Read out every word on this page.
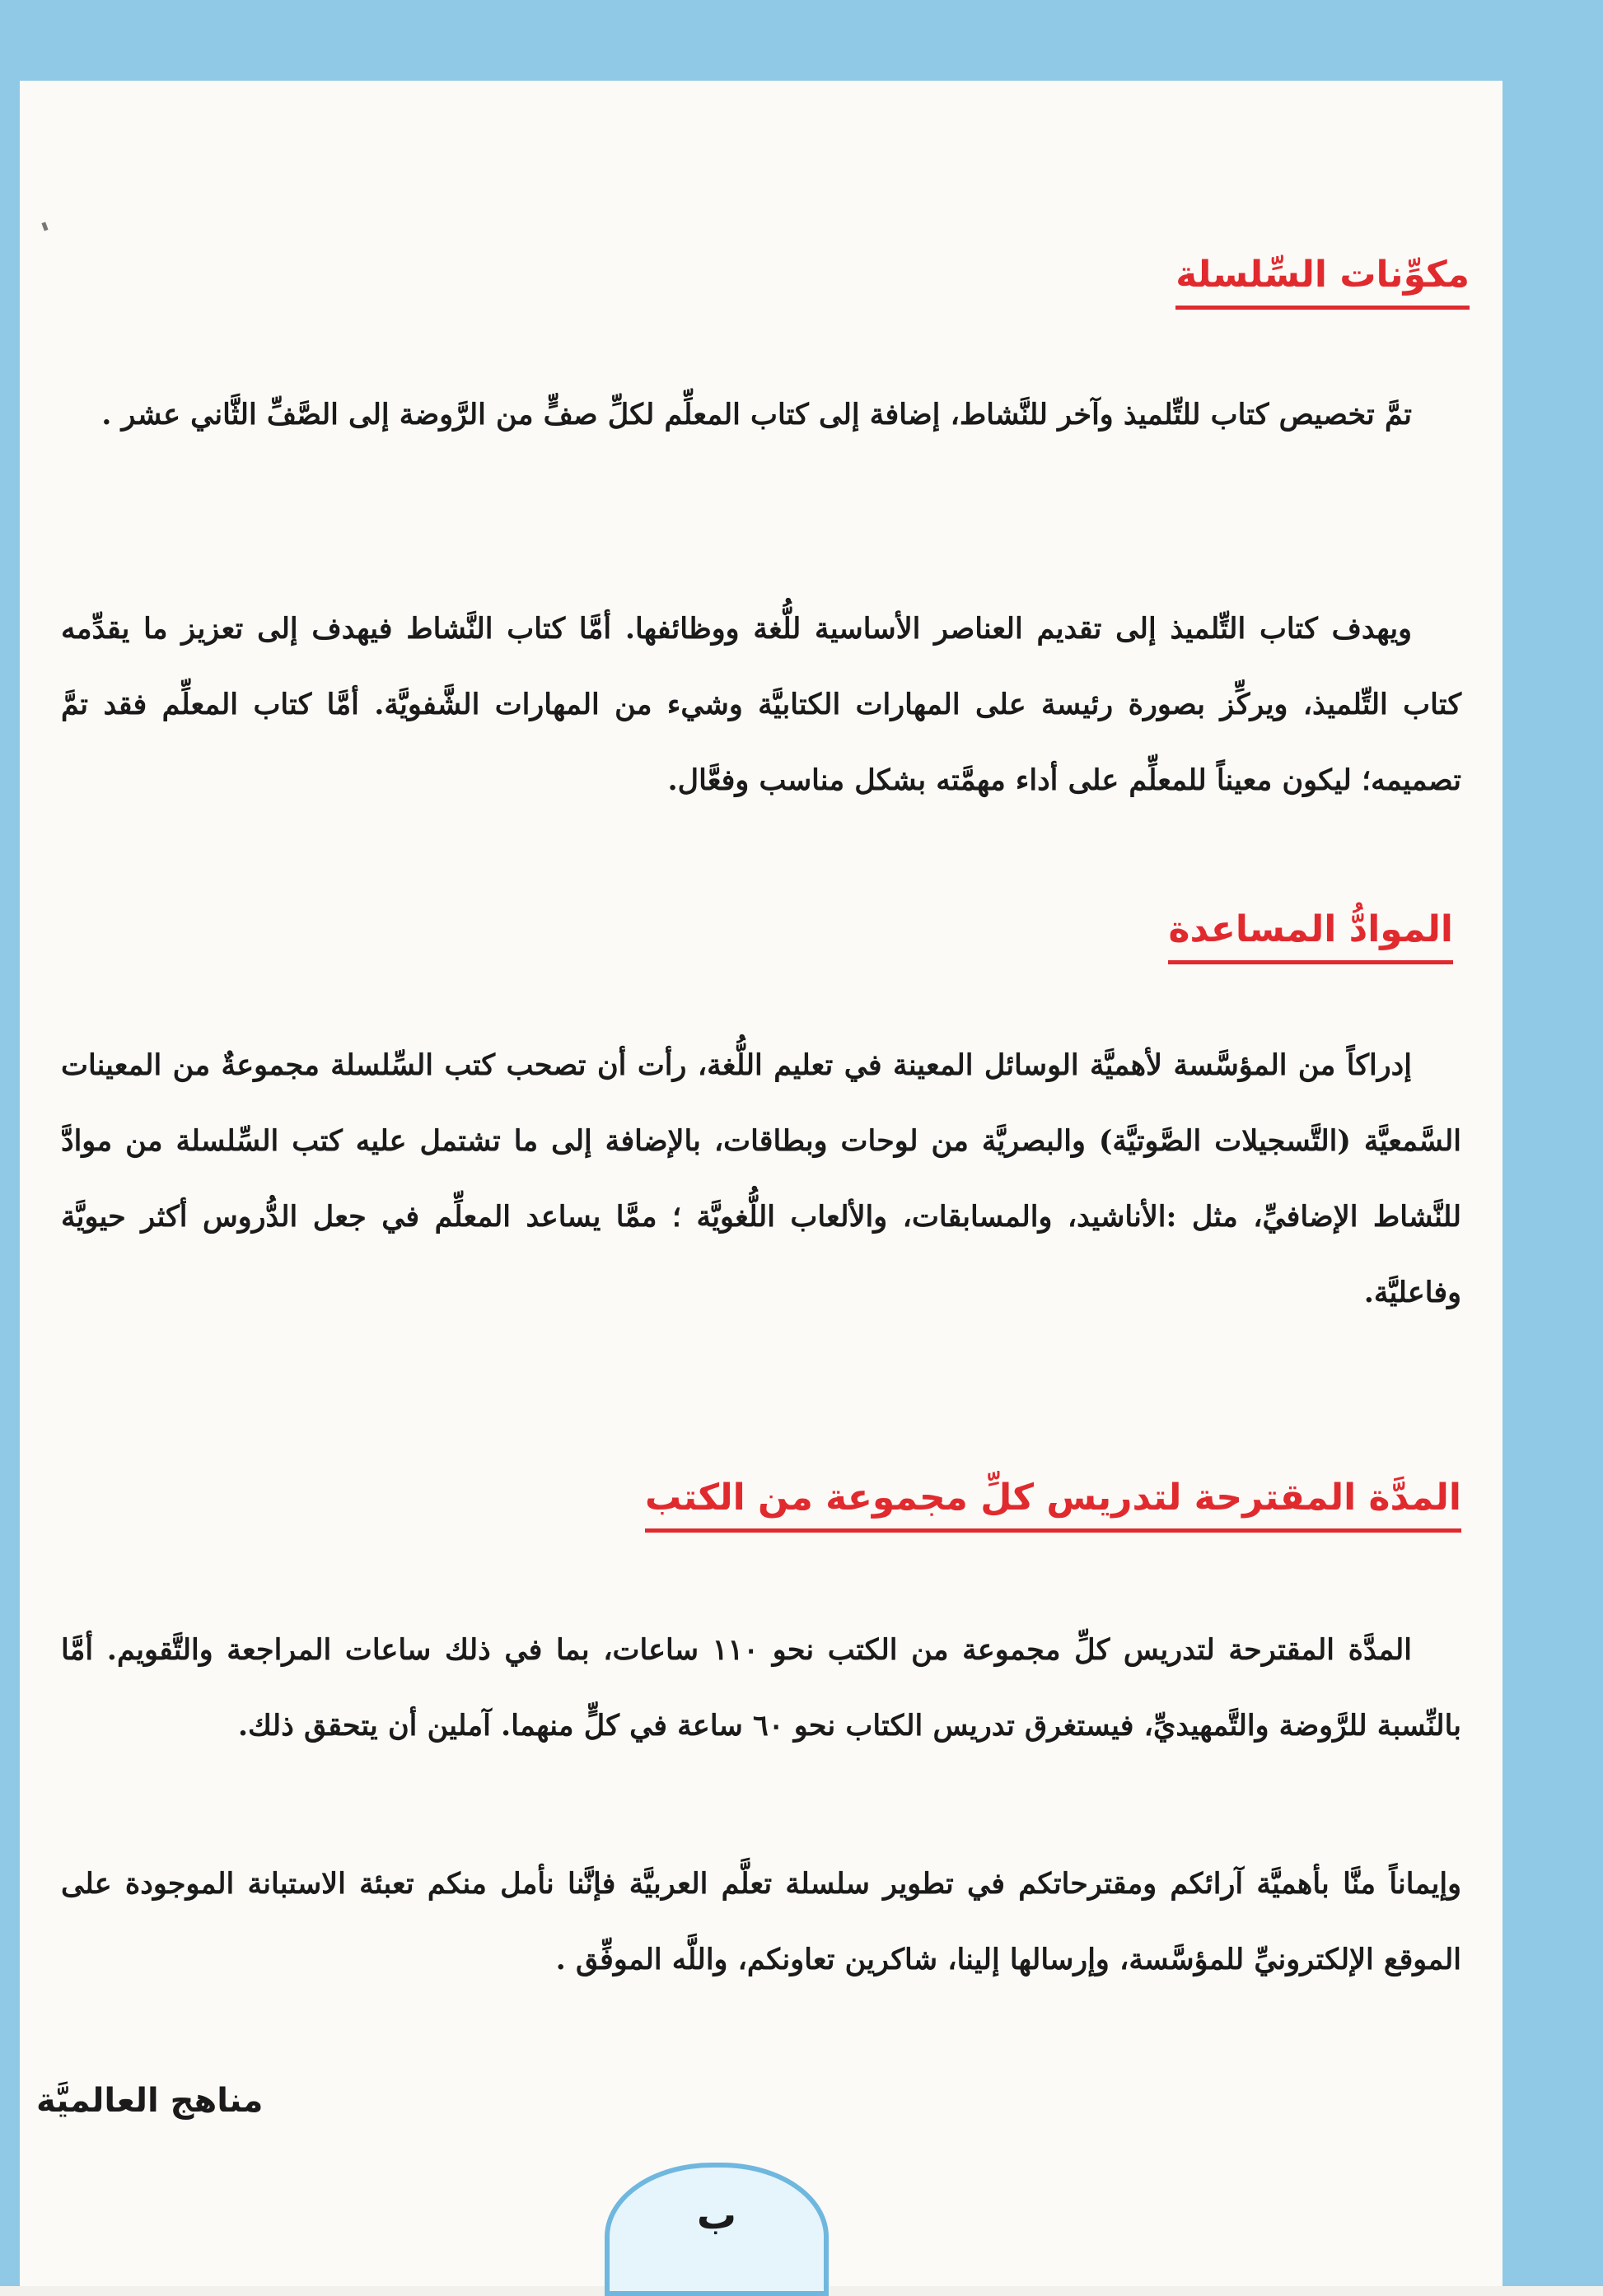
مكوِّنات السِّلسلة

تمَّ تخصيص كتاب للتِّلميذ وآخر للنَّشاط، إضافة إلى كتاب المعلِّم لكلِّ صفٍّ من الرَّوضة إلى الصَّفِّ الثَّاني عشر .

ويهدف كتاب التِّلميذ إلى تقديم العناصر الأساسية للُّغة ووظائفها. أمَّا كتاب النَّشاط فيهدف إلى تعزيز ما يقدِّمه كتاب التِّلميذ، ويركِّز بصورة رئيسة على المهارات الكتابيَّة وشيء من المهارات الشَّفويَّة. أمَّا كتاب المعلِّم فقد تمَّ تصميمه؛ ليكون معيناً للمعلِّم على أداء مهمَّته بشكل مناسب وفعَّال.

الموادُّ المساعدة

إدراكاً من المؤسَّسة لأهميَّة الوسائل المعينة في تعليم اللُّغة، رأت أن تصحب كتب السِّلسلة مجموعةٌ من المعينات السَّمعيَّة (التَّسجيلات الصَّوتيَّة) والبصريَّة من لوحات وبطاقات، بالإضافة إلى ما تشتمل عليه كتب السِّلسلة من موادَّ للنَّشاط الإضافيِّ، مثل :الأناشيد، والمسابقات، والألعاب اللُّغويَّة ؛ ممَّا يساعد المعلِّم في جعل الدُّروس أكثر حيويَّة وفاعليَّة.

المدَّة المقترحة لتدريس كلِّ مجموعة من الكتب

المدَّة المقترحة لتدريس كلِّ مجموعة من الكتب نحو ١١٠ ساعات، بما في ذلك ساعات المراجعة والتَّقويم. أمَّا بالنِّسبة للرَّوضة والتَّمهيديِّ، فيستغرق تدريس الكتاب نحو ٦٠ ساعة في كلٍّ منهما. آملين أن يتحقق ذلك.

وإيماناً منَّا بأهميَّة آرائكم ومقترحاتكم في تطوير سلسلة تعلَّم العربيَّة فإنَّنا نأمل منكم تعبئة الاستبانة الموجودة على الموقع الإلكترونيِّ للمؤسَّسة، وإرسالها إلينا، شاكرين تعاونكم، واللَّه الموفِّق .

مناهج العالميَّة
ب
